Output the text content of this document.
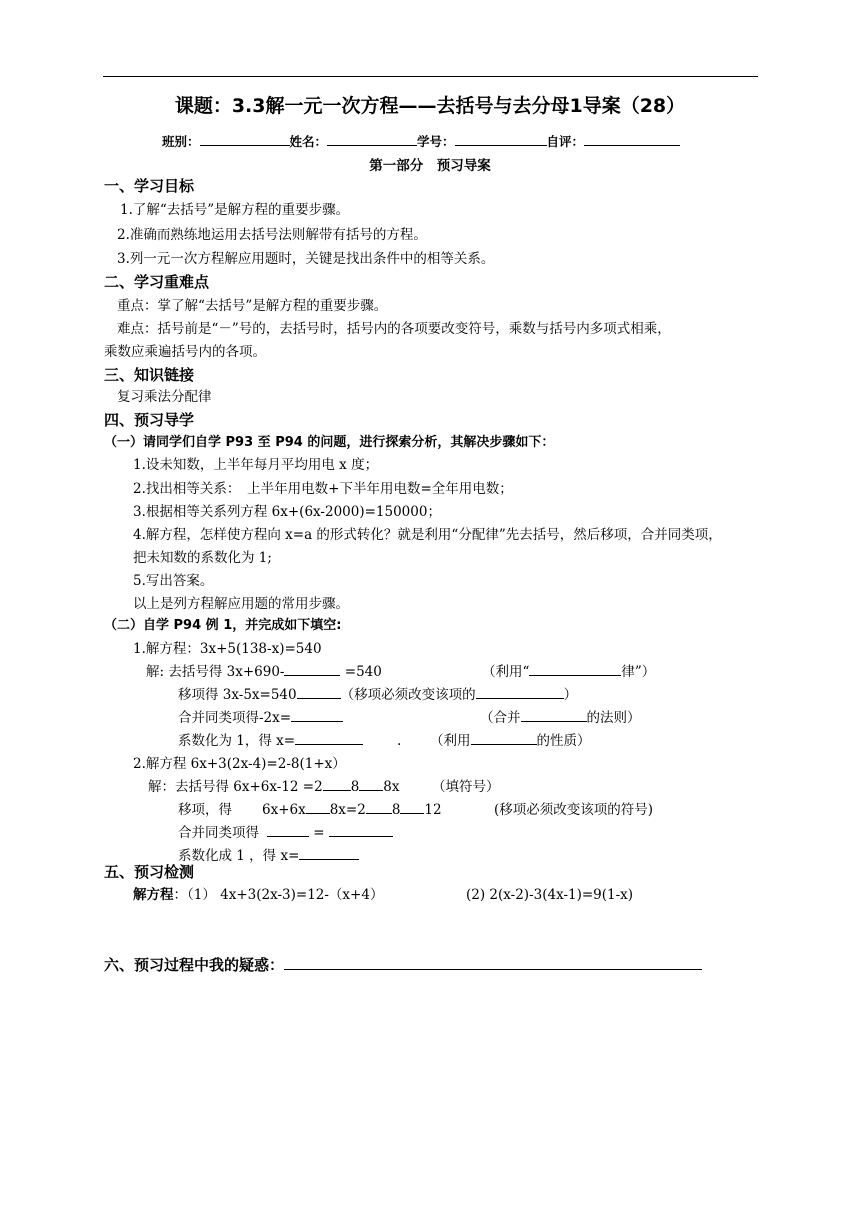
课题：3.3解一元一次方程——去括号与去分母1导案（28）
班别：	姓名：	学号：	自评：
第一部分　预习导案
一、学习目标
1.了解“去括号”是解方程的重要步骤。
2.准确而熟练地运用去括号法则解带有括号的方程。
3.列一元一次方程解应用题时，关键是找出条件中的相等关系。
二、学习重难点
重点：掌了解“去括号”是解方程的重要步骤。
难点：括号前是“－”号的，去括号时，括号内的各项要改变符号，乘数与括号内多项式相乘，
乘数应乘遍括号内的各项。
三、知识链接
复习乘法分配律
四、预习导学
（一）请同学们自学 P93 至 P94 的问题，进行探索分析，其解决步骤如下：
1.设未知数，上半年每月平均用电 x 度；
2.找出相等关系：　上半年用电数+下半年用电数=全年用电数；
3.根据相等关系列方程 6x+(6x-2000)=150000；
4.解方程，怎样使方程向 x=a 的形式转化？就是利用“分配律”先去括号，然后移项，合并同类项，
把未知数的系数化为 1;
5.写出答案。
以上是列方程解应用题的常用步骤。
（二）自学 P94 例 1，并完成如下填空:
1.解方程：3x+5(138-x)=540
解: 去括号得 3x+690-	=540	（利用“	律”）
移项得 3x-5x=540	（移项必须改变该项的	）
合并同类项得-2x=	（合并	的法则）
系数化为 1，得 x=	. （利用	的性质）
2.解方程 6x+3(2x-4)=2-8(1+x）
解：去括号得 6x+6x-12 =2 8 8x （填符号）
移项，得 6x+6x 8x=2 8 12	(移项必须改变该项的符号)
合并同类项得	=
系数化成 1 ，得 x=
五、预习检测
解方程：（1） 4x+3(2x-3)=12-（x+4）	(2) 2(x-2)-3(4x-1)=9(1-x)
六、预习过程中我的疑惑：
